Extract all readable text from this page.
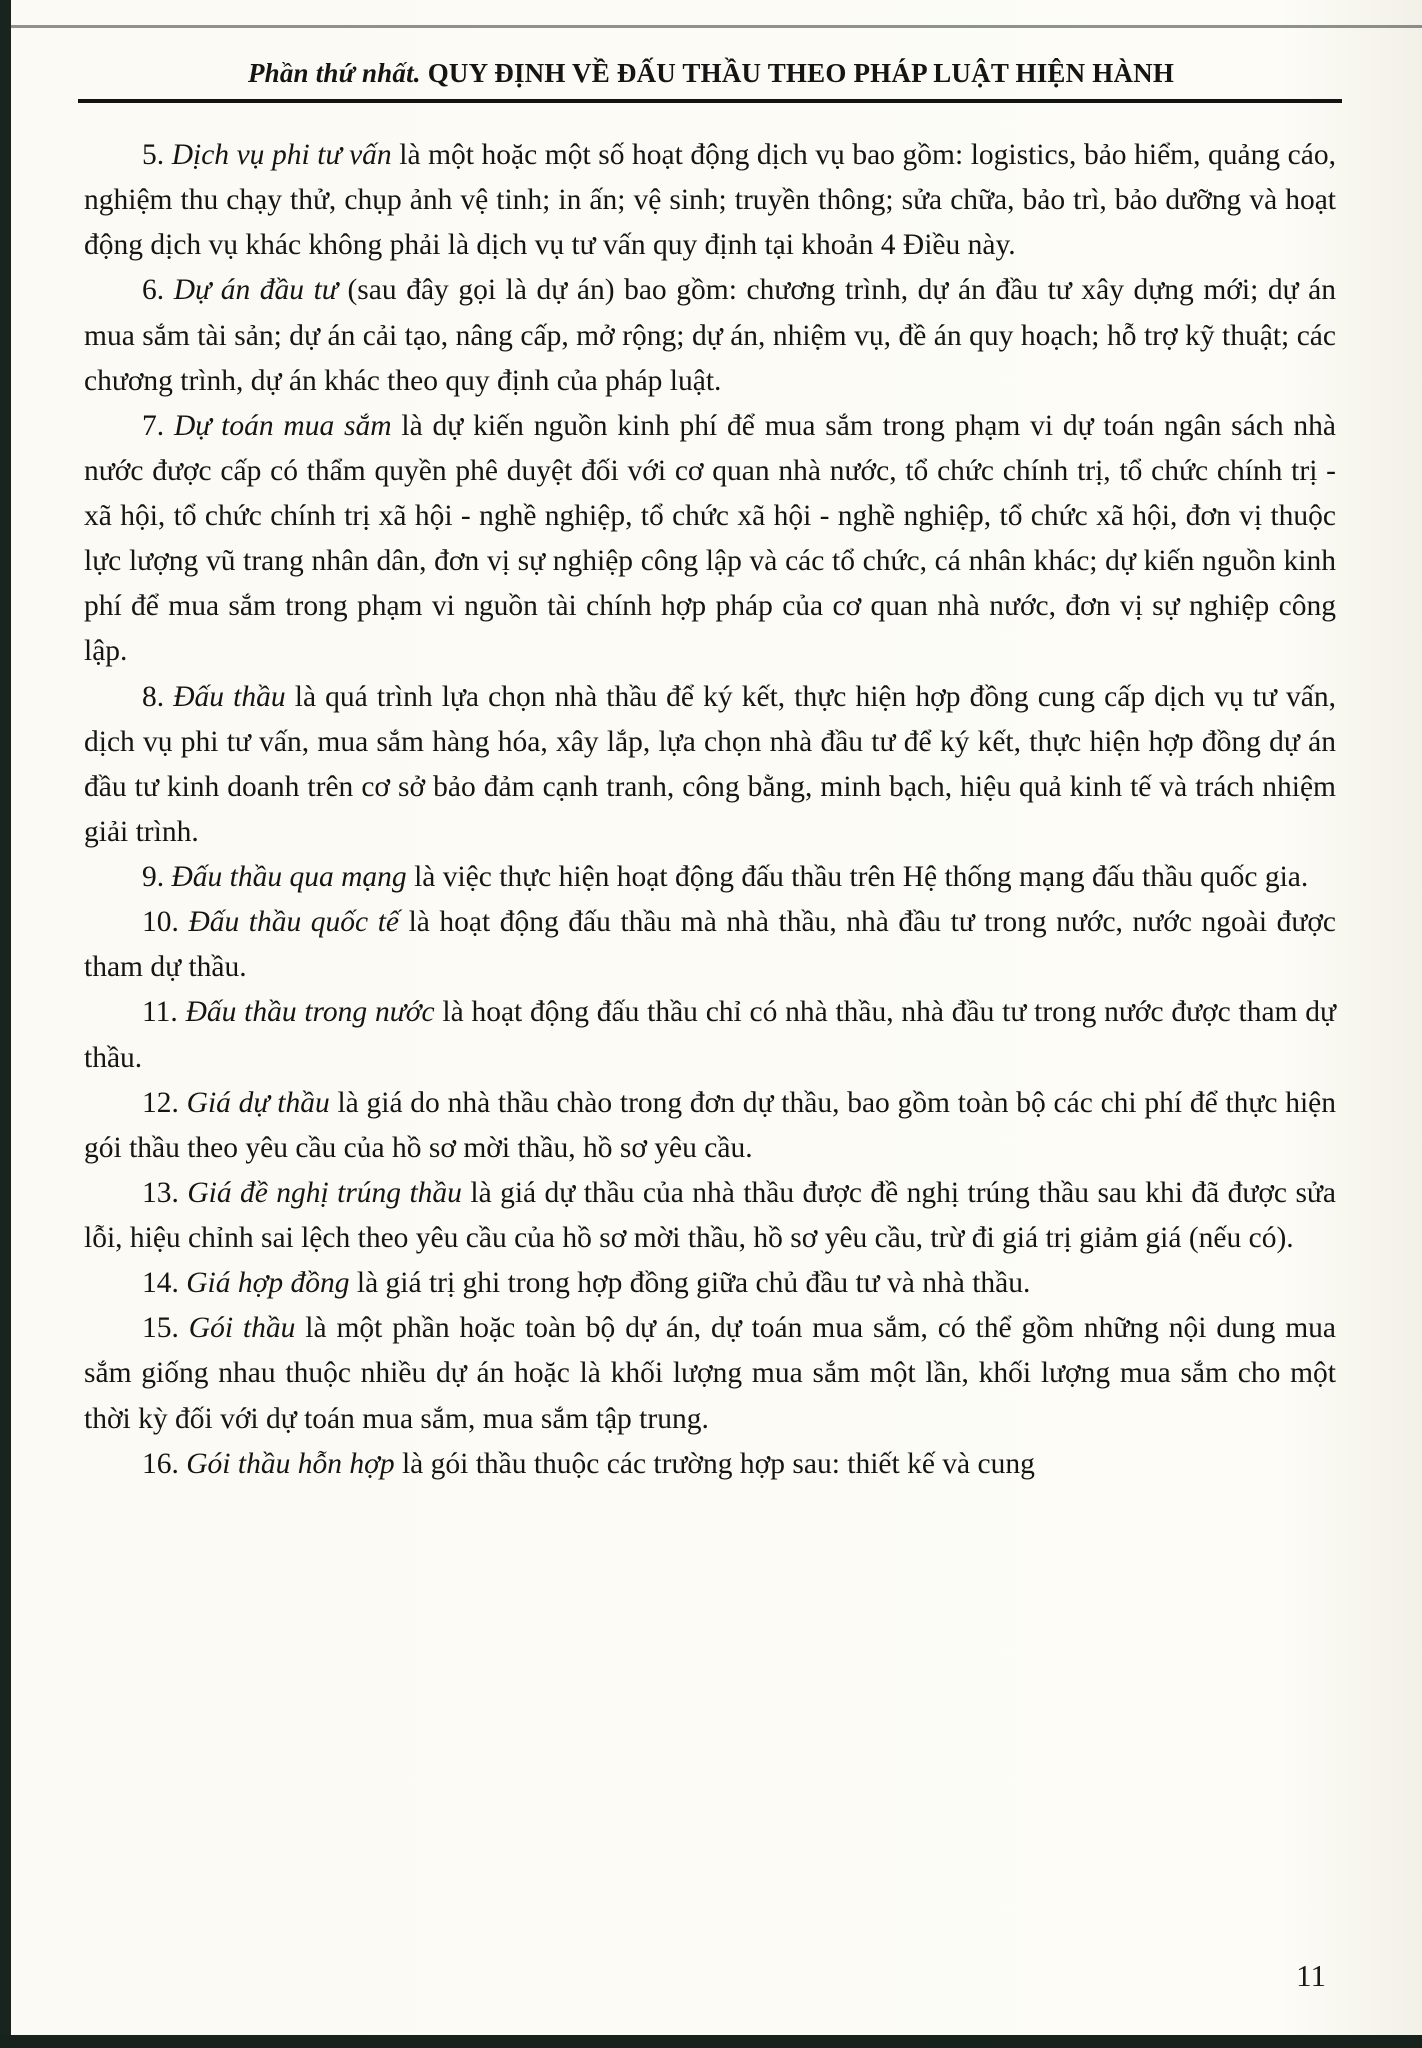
Phần thứ nhất. QUY ĐỊNH VỀ ĐẤU THẦU THEO PHÁP LUẬT HIỆN HÀNH

5. Dịch vụ phi tư vấn là một hoặc một số hoạt động dịch vụ bao gồm: logistics, bảo hiểm, quảng cáo, nghiệm thu chạy thử, chụp ảnh vệ tinh; in ấn; vệ sinh; truyền thông; sửa chữa, bảo trì, bảo dưỡng và hoạt động dịch vụ khác không phải là dịch vụ tư vấn quy định tại khoản 4 Điều này.

6. Dự án đầu tư (sau đây gọi là dự án) bao gồm: chương trình, dự án đầu tư xây dựng mới; dự án mua sắm tài sản; dự án cải tạo, nâng cấp, mở rộng; dự án, nhiệm vụ, đề án quy hoạch; hỗ trợ kỹ thuật; các chương trình, dự án khác theo quy định của pháp luật.

7. Dự toán mua sắm là dự kiến nguồn kinh phí để mua sắm trong phạm vi dự toán ngân sách nhà nước được cấp có thẩm quyền phê duyệt đối với cơ quan nhà nước, tổ chức chính trị, tổ chức chính trị - xã hội, tổ chức chính trị xã hội - nghề nghiệp, tổ chức xã hội - nghề nghiệp, tổ chức xã hội, đơn vị thuộc lực lượng vũ trang nhân dân, đơn vị sự nghiệp công lập và các tổ chức, cá nhân khác; dự kiến nguồn kinh phí để mua sắm trong phạm vi nguồn tài chính hợp pháp của cơ quan nhà nước, đơn vị sự nghiệp công lập.

8. Đấu thầu là quá trình lựa chọn nhà thầu để ký kết, thực hiện hợp đồng cung cấp dịch vụ tư vấn, dịch vụ phi tư vấn, mua sắm hàng hóa, xây lắp, lựa chọn nhà đầu tư để ký kết, thực hiện hợp đồng dự án đầu tư kinh doanh trên cơ sở bảo đảm cạnh tranh, công bằng, minh bạch, hiệu quả kinh tế và trách nhiệm giải trình.

9. Đấu thầu qua mạng là việc thực hiện hoạt động đấu thầu trên Hệ thống mạng đấu thầu quốc gia.

10. Đấu thầu quốc tế là hoạt động đấu thầu mà nhà thầu, nhà đầu tư trong nước, nước ngoài được tham dự thầu.

11. Đấu thầu trong nước là hoạt động đấu thầu chỉ có nhà thầu, nhà đầu tư trong nước được tham dự thầu.

12. Giá dự thầu là giá do nhà thầu chào trong đơn dự thầu, bao gồm toàn bộ các chi phí để thực hiện gói thầu theo yêu cầu của hồ sơ mời thầu, hồ sơ yêu cầu.

13. Giá đề nghị trúng thầu là giá dự thầu của nhà thầu được đề nghị trúng thầu sau khi đã được sửa lỗi, hiệu chỉnh sai lệch theo yêu cầu của hồ sơ mời thầu, hồ sơ yêu cầu, trừ đi giá trị giảm giá (nếu có).

14. Giá hợp đồng là giá trị ghi trong hợp đồng giữa chủ đầu tư và nhà thầu.

15. Gói thầu là một phần hoặc toàn bộ dự án, dự toán mua sắm, có thể gồm những nội dung mua sắm giống nhau thuộc nhiều dự án hoặc là khối lượng mua sắm một lần, khối lượng mua sắm cho một thời kỳ đối với dự toán mua sắm, mua sắm tập trung.

16. Gói thầu hỗn hợp là gói thầu thuộc các trường hợp sau: thiết kế và cung

11
